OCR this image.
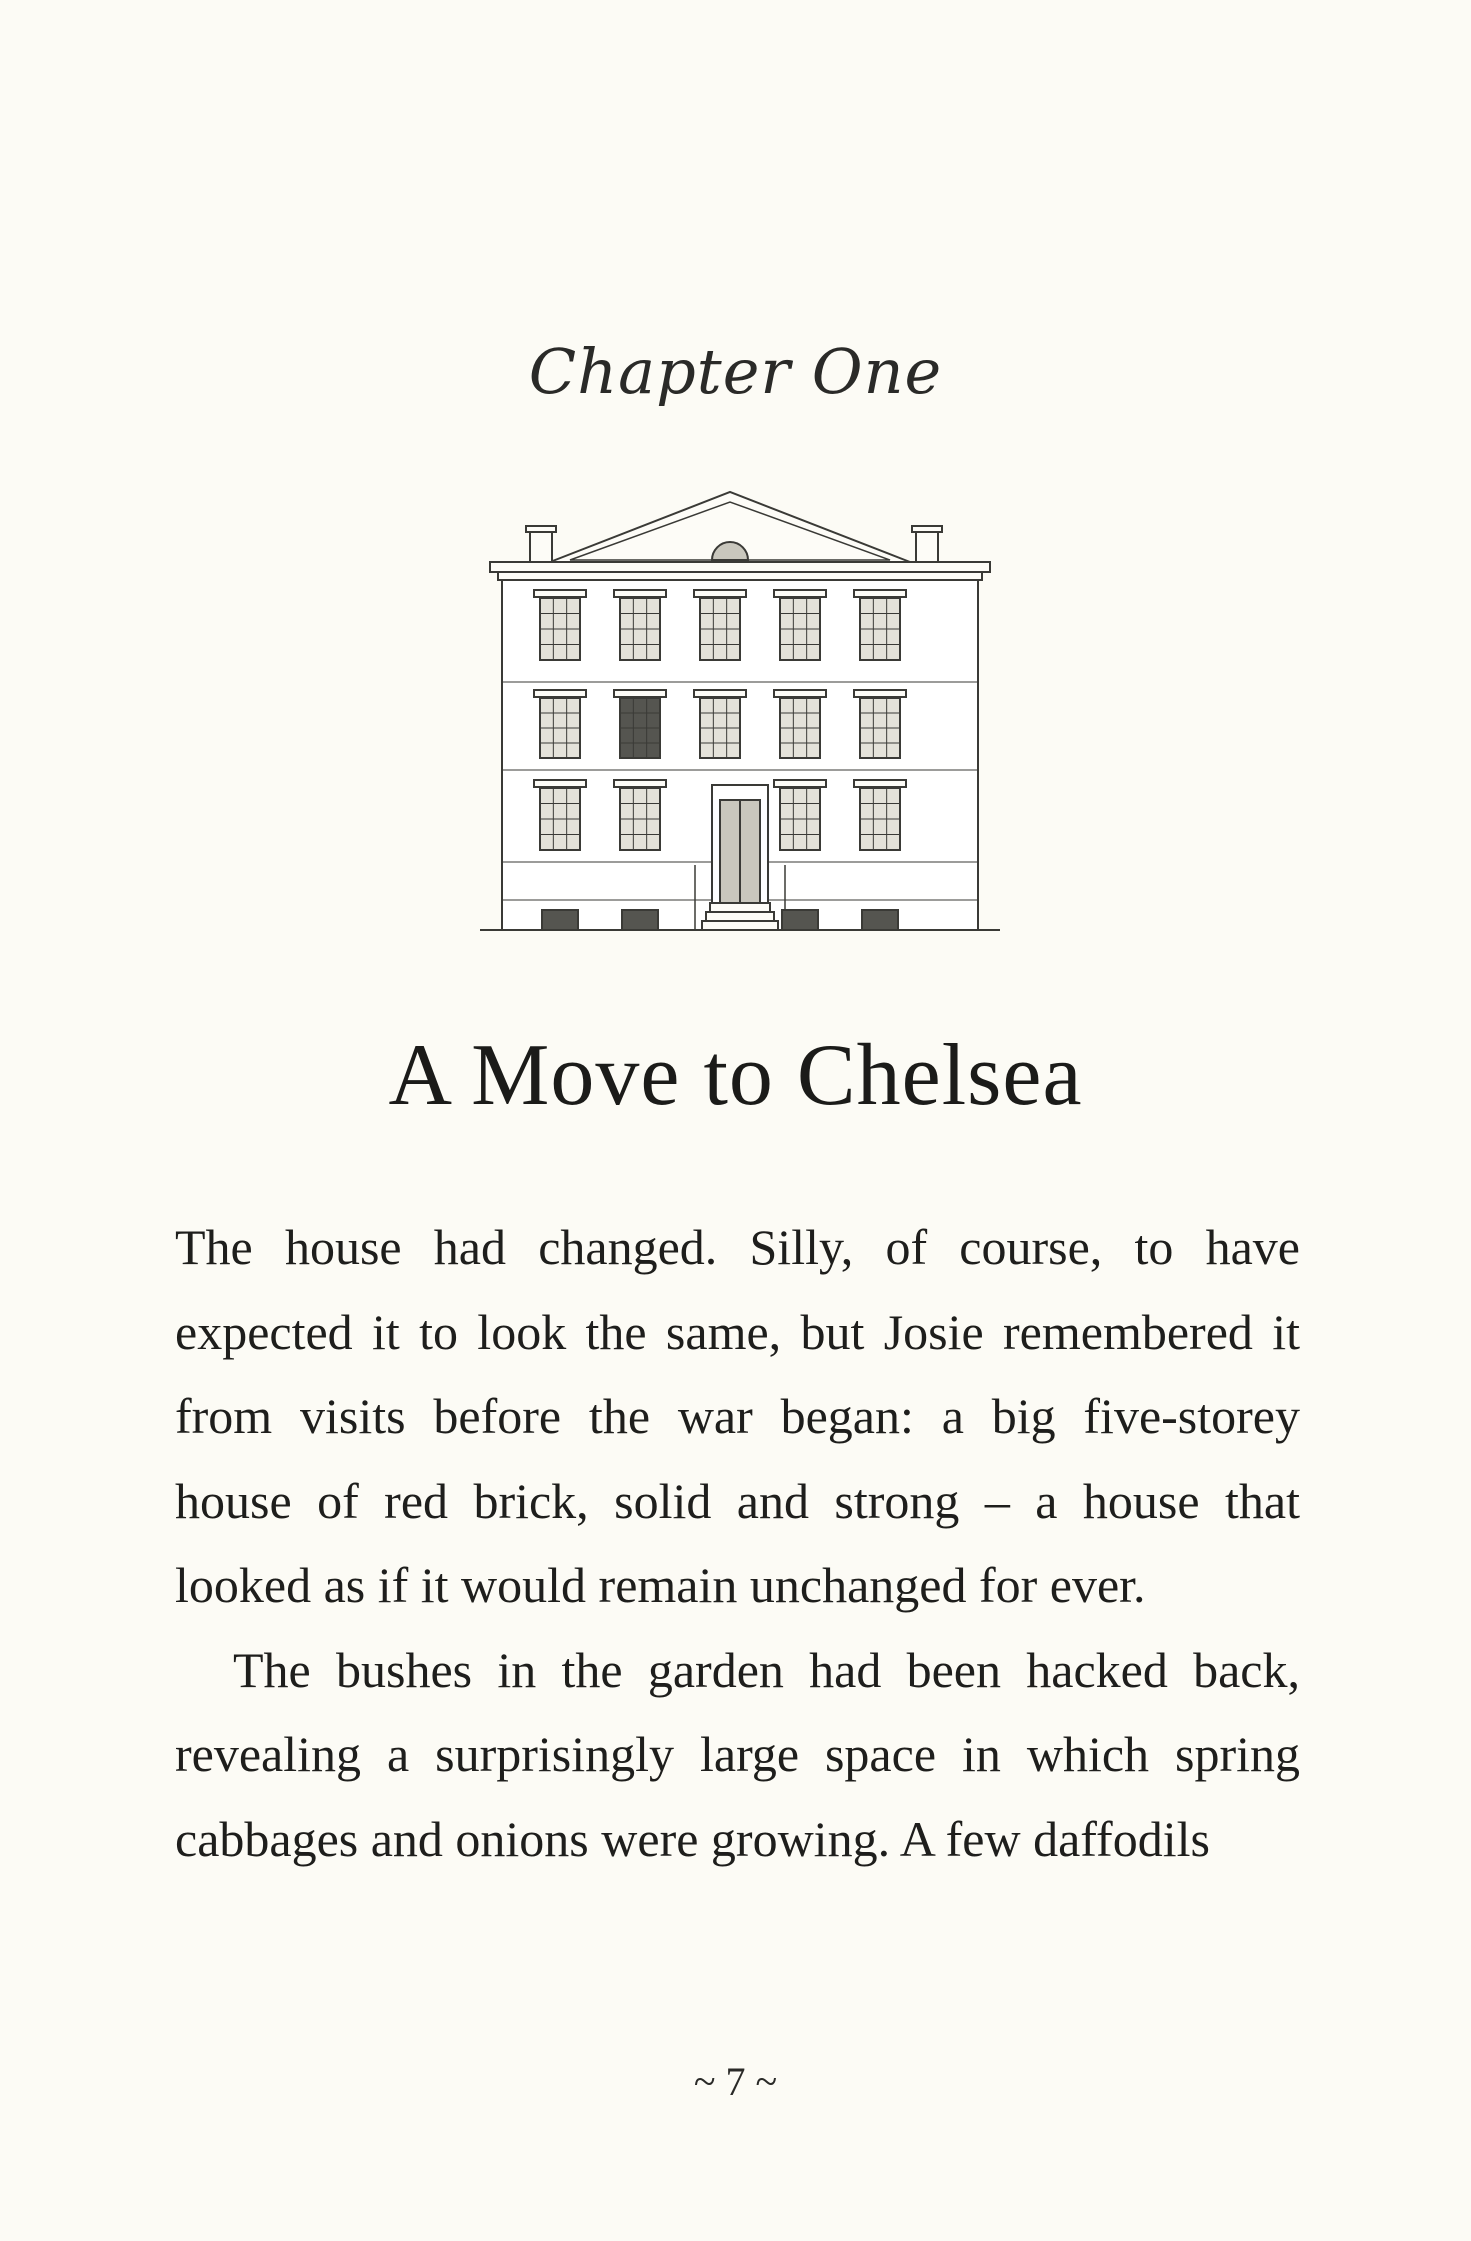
Chapter One
A Move to Chelsea

The house had changed. Silly, of course, to have expected it to look the same, but Josie remembered it from visits before the war began: a big five-storey house of red brick, solid and strong – a house that looked as if it would remain unchanged for ever.

The bushes in the garden had been hacked back, revealing a surprisingly large space in which spring cabbages and onions were growing. A few daffodils

~ 7 ~
